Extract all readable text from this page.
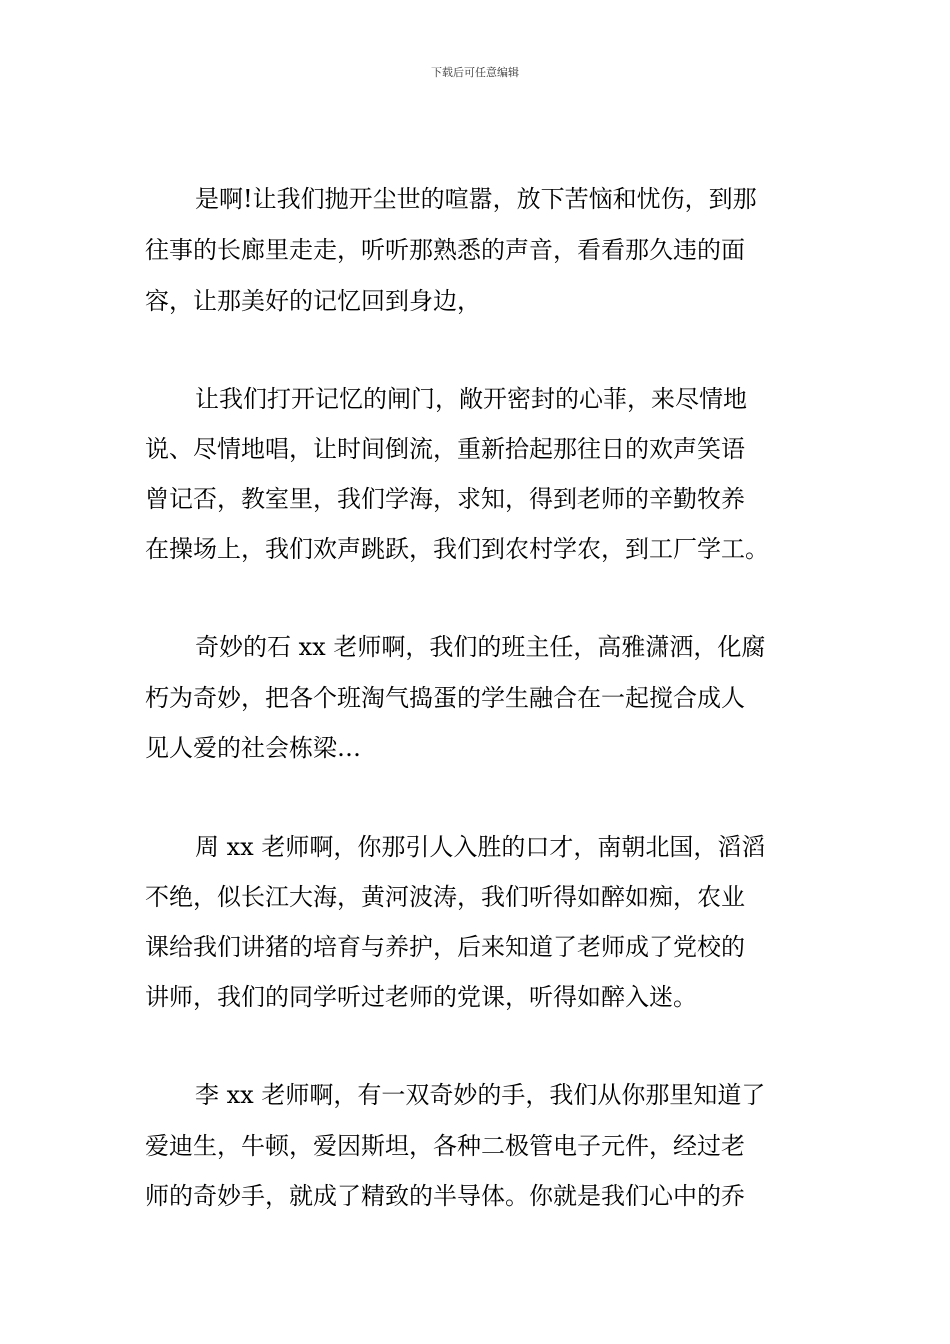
下载后可任意编辑
是啊!让我们抛开尘世的喧嚣，放下苦恼和忧伤，到那
往事的长廊里走走，听听那熟悉的声音，看看那久违的面
容，让那美好的记忆回到身边，
让我们打开记忆的闸门，敞开密封的心菲，来尽情地
说、尽情地唱，让时间倒流，重新拾起那往日的欢声笑语
曾记否，教室里，我们学海，求知，得到老师的辛勤牧养
在操场上，我们欢声跳跃，我们到农村学农，到工厂学工。
奇妙的石 xx 老师啊，我们的班主任，高雅潇洒，化腐
朽为奇妙，把各个班淘气捣蛋的学生融合在一起搅合成人
见人爱的社会栋梁…
周 xx 老师啊，你那引人入胜的口才，南朝北国，滔滔
不绝，似长江大海，黄河波涛，我们听得如醉如痴，农业
课给我们讲猪的培育与养护，后来知道了老师成了党校的
讲师，我们的同学听过老师的党课，听得如醉入迷。
李 xx 老师啊，有一双奇妙的手，我们从你那里知道了
爱迪生，牛顿，爱因斯坦，各种二极管电子元件，经过老
师的奇妙手，就成了精致的半导体。你就是我们心中的乔
